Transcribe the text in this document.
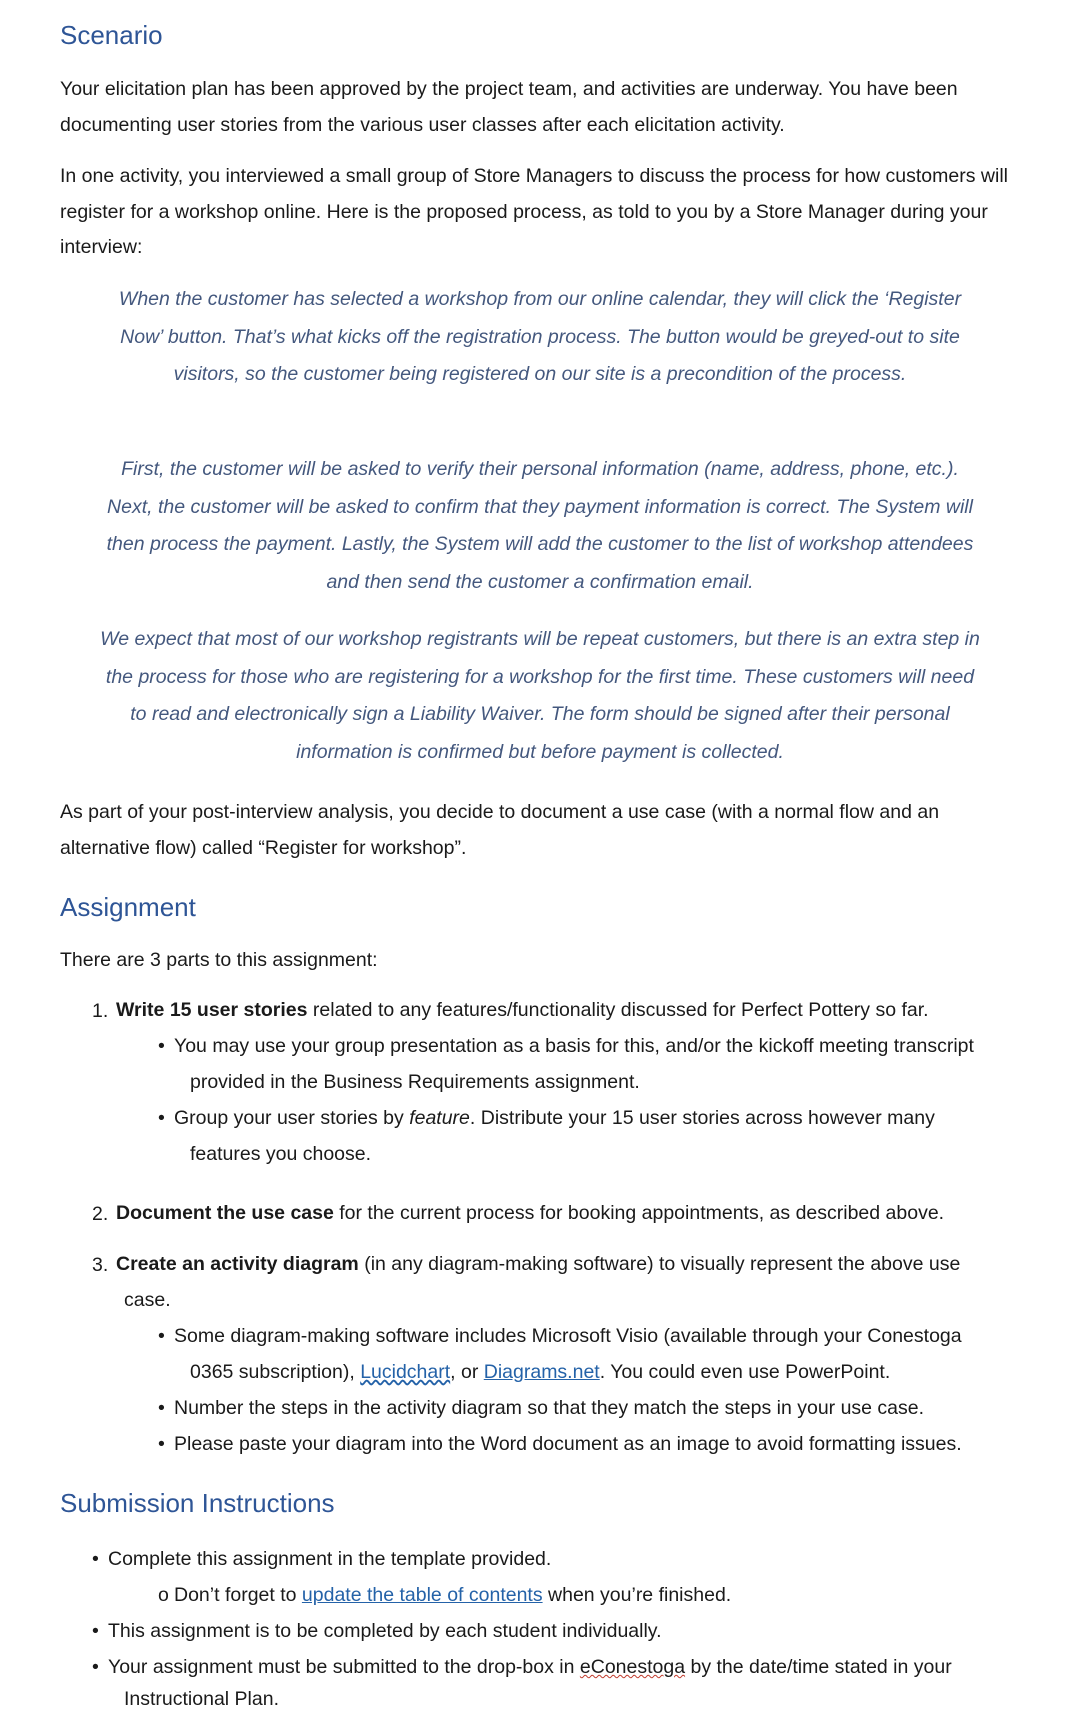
Scenario

Your elicitation plan has been approved by the project team, and activities are underway. You have been documenting user stories from the various user classes after each elicitation activity.

In one activity, you interviewed a small group of Store Managers to discuss the process for how customers will register for a workshop online. Here is the proposed process, as told to you by a Store Manager during your interview:

When the customer has selected a workshop from our online calendar, they will click the ‘Register Now’ button. That’s what kicks off the registration process. The button would be greyed-out to site visitors, so the customer being registered on our site is a precondition of the process.

First, the customer will be asked to verify their personal information (name, address, phone, etc.). Next, the customer will be asked to confirm that they payment information is correct. The System will then process the payment. Lastly, the System will add the customer to the list of workshop attendees and then send the customer a confirmation email.

We expect that most of our workshop registrants will be repeat customers, but there is an extra step in the process for those who are registering for a workshop for the first time. These customers will need to read and electronically sign a Liability Waiver. The form should be signed after their personal information is confirmed but before payment is collected.

As part of your post-interview analysis, you decide to document a use case (with a normal flow and an alternative flow) called “Register for workshop”.

Assignment

There are 3 parts to this assignment:

1. Write 15 user stories related to any features/functionality discussed for Perfect Pottery so far.

• You may use your group presentation as a basis for this, and/or the kickoff meeting transcript

provided in the Business Requirements assignment.

• Group your user stories by feature. Distribute your 15 user stories across however many

features you choose.

2. Document the use case for the current process for booking appointments, as described above.

3. Create an activity diagram (in any diagram-making software) to visually represent the above use

case.

• Some diagram-making software includes Microsoft Visio (available through your Conestoga

0365 subscription), Lucidchart, or Diagrams.net. You could even use PowerPoint.

• Number the steps in the activity diagram so that they match the steps in your use case.

• Please paste your diagram into the Word document as an image to avoid formatting issues.

Submission Instructions

• Complete this assignment in the template provided.

o Don’t forget to update the table of contents when you’re finished.

• This assignment is to be completed by each student individually.

• Your assignment must be submitted to the drop-box in eConestoga by the date/time stated in your

Instructional Plan.
